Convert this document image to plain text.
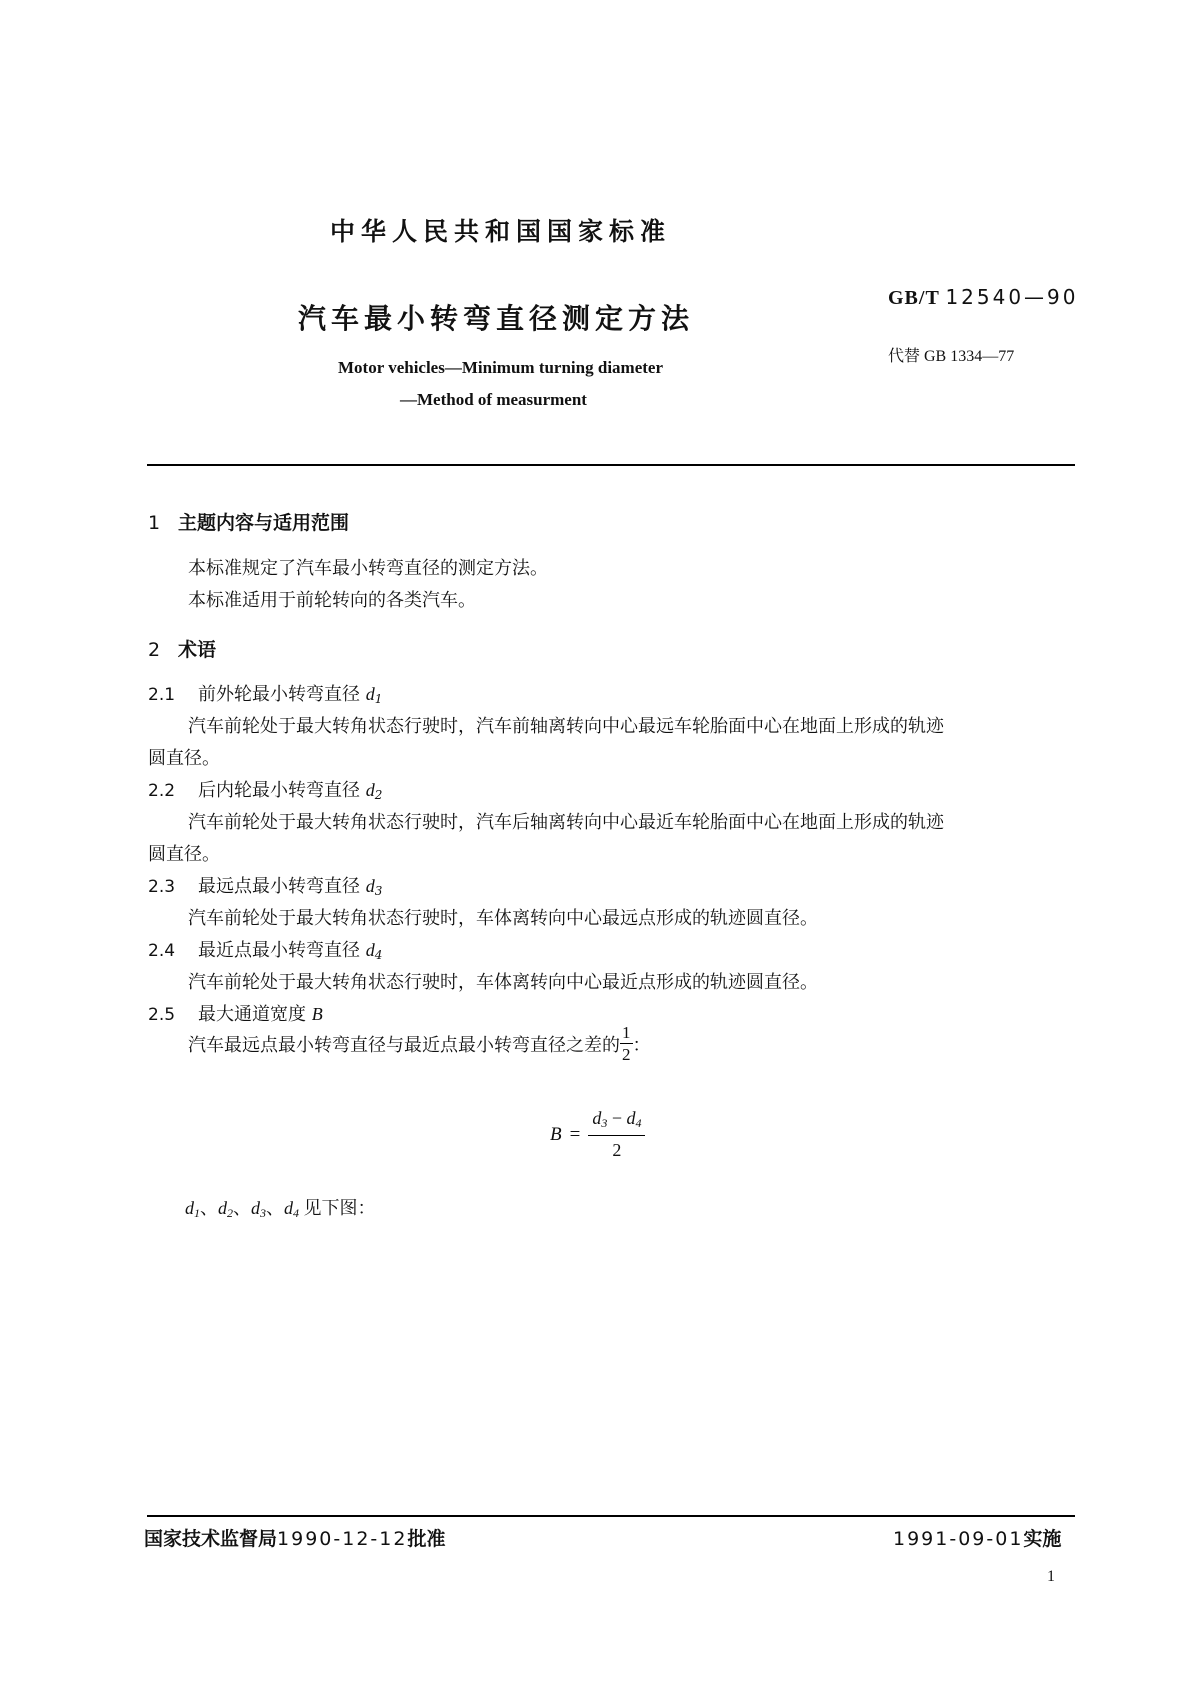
中华人民共和国国家标准
汽车最小转弯直径测定方法
GB/T 12540—90
代替 GB 1334—77
Motor vehicles—Minimum turning diameter
—Method of measurment
1 主题内容与适用范围
本标准规定了汽车最小转弯直径的测定方法。
本标准适用于前轮转向的各类汽车。
2 术语
2.1 前外轮最小转弯直径 $d_1$
汽车前轮处于最大转角状态行驶时，汽车前轴离转向中心最远车轮胎面中心在地面上形成的轨迹
圆直径。
2.2 后内轮最小转弯直径 $d_2$
汽车前轮处于最大转角状态行驶时，汽车后轴离转向中心最近车轮胎面中心在地面上形成的轨迹
圆直径。
2.3 最远点最小转弯直径 $d_3$
汽车前轮处于最大转角状态行驶时，车体离转向中心最远点形成的轨迹圆直径。
2.4 最近点最小转弯直径 $d_4$
汽车前轮处于最大转角状态行驶时，车体离转向中心最近点形成的轨迹圆直径。
2.5 最大通道宽度 B
汽车最远点最小转弯直径与最近点最小转弯直径之差的 $\frac{1}{2}$ ：
$B = \frac{d_3 - d_4}{2}$
$d_1$、$d_2$、$d_3$、$d_4$ 见下图：
国家技术监督局1990-12-12批准	1991-09-01实施
1
